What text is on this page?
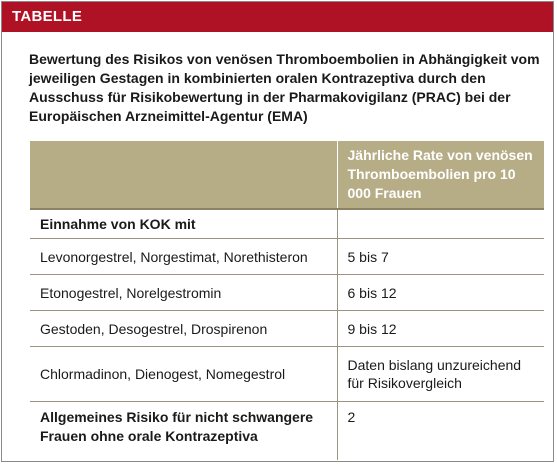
TABELLE
Bewertung des Risikos von venösen Thromboembolien in Abhängigkeit vom jeweiligen Gestagen in kombinierten oralen Kontrazeptiva durch den Ausschuss für Risikobewertung in der Pharmakovigilanz (PRAC) bei der Europäischen Arzneimittel-Agentur (EMA)
	Jährliche Rate von venösen Thromboembolien pro 10 000 Frauen
Einnahme von KOK mit	
Levonorgestrel, Norgestimat, Norethisteron	5 bis 7
Etonogestrel, Norelgestromin	6 bis 12
Gestoden, Desogestrel, Drospirenon	9 bis 12
Chlormadinon, Dienogest, Nomegestrol	Daten bislang unzureichend für Risikovergleich
Allgemeines Risiko für nicht schwangere Frauen ohne orale Kontrazeptiva	2
